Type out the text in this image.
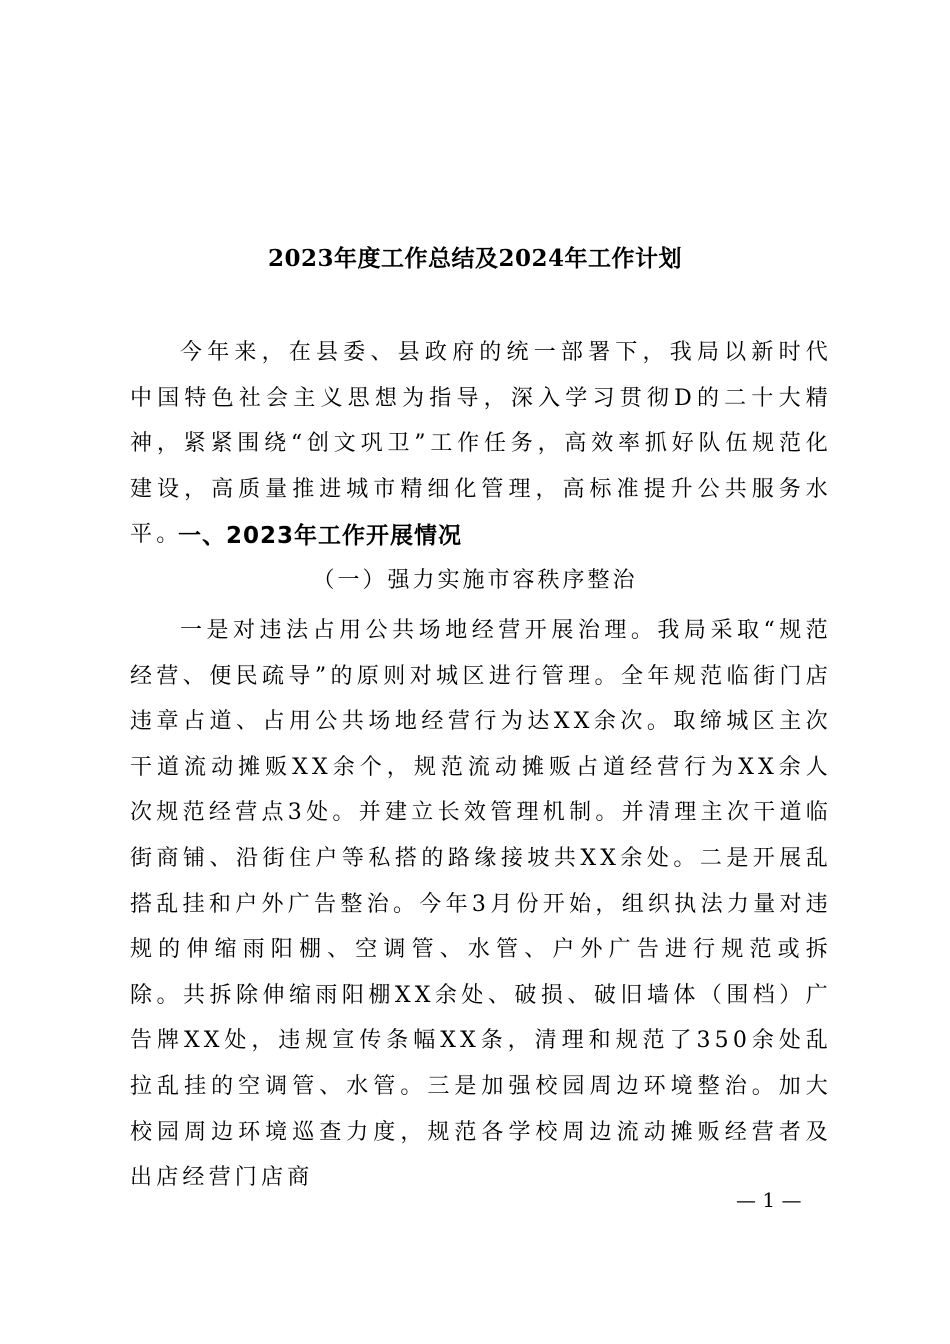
2023年度工作总结及2024年工作计划
今年来，在县委、县政府的统一部署下，我局以新时代中国特色社会主义思想为指导，深入学习贯彻D的二十大精神，紧紧围绕“创文巩卫”工作任务，高效率抓好队伍规范化建设，高质量推进城市精细化管理，高标准提升公共服务水平。
一、2023年工作开展情况
（一）强力实施市容秩序整治
一是对违法占用公共场地经营开展治理。我局采取“规范经营、便民疏导”的原则对城区进行管理。全年规范临街门店违章占道、占用公共场地经营行为达XX余次。取缔城区主次干道流动摊贩XX余个，规范流动摊贩占道经营行为XX余人次规范经营点3处。并建立长效管理机制。并清理主次干道临街商铺、沿街住户等私搭的路缘接坡共XX余处。二是开展乱搭乱挂和户外广告整治。今年3月份开始，组织执法力量对违规的伸缩雨阳棚、空调管、水管、户外广告进行规范或拆除。共拆除伸缩雨阳棚XX余处、破损、破旧墙体（围档）广告牌XX处，违规宣传条幅XX条，清理和规范了350余处乱拉乱挂的空调管、水管。三是加强校园周边环境整治。加大校园周边环境巡查力度，规范各学校周边流动摊贩经营者及出店经营门店商
— 1 —
